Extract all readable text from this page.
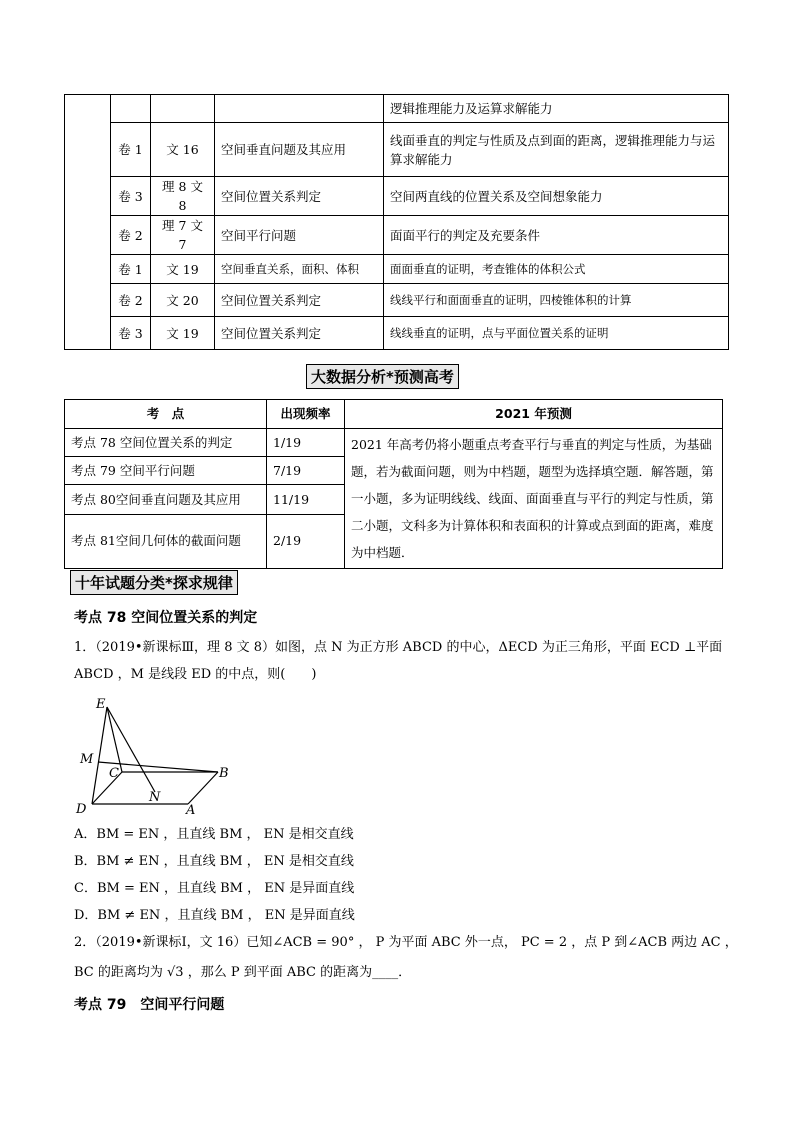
				逻辑推理能力及运算求解能力
	卷 1	文 16	空间垂直问题及其应用	线面垂直的判定与性质及点到面的距离，逻辑推理能力与运算求解能力
	卷 3	理 8 文 8	空间位置关系判定	空间两直线的位置关系及空间想象能力
	卷 2	理 7 文 7	空间平行问题	面面平行的判定及充要条件
	卷 1	文 19	空间垂直关系，面积、体积	面面垂直的证明，考查锥体的体积公式
	卷 2	文 20	空间位置关系判定	线线平行和面面垂直的证明，四棱锥体积的计算
	卷 3	文 19	空间位置关系判定	线线垂直的证明，点与平面位置关系的证明
大数据分析*预测高考
考　点	出现频率	2021 年预测
考点 78 空间位置关系的判定	1/19	2021 年高考仍将小题重点考查平行与垂直的判定与性质，为基础题，若为截面问题，则为中档题，题型为选择填空题．解答题，第一小题，多为证明线线、线面、面面垂直与平行的判定与性质，第二小题，文科多为计算体积和表面积的计算或点到面的距离，难度为中档题．
考点 79 空间平行问题	7/19	
考点 80空间垂直问题及其应用	11/19	
考点 81空间几何体的截面问题	2/19	
十年试题分类*探求规律
考点 78 空间位置关系的判定
1．（2019•新课标Ⅲ，理 8 文 8）如图，点 N 为正方形 ABCD 的中心，ΔECD 为正三角形，平面 ECD ⊥平面
ABCD ，M 是线段 ED 的中点，则(　　)
E
M
C	B
D
N
A
A．BM = EN ，且直线 BM ， EN 是相交直线
B．BM ≠ EN ，且直线 BM ， EN 是相交直线
C．BM = EN ，且直线 BM ， EN 是异面直线
D．BM ≠ EN ，且直线 BM ， EN 是异面直线
2．（2019•新课标Ⅰ，文 16）已知∠ACB = 90° ， P 为平面 ABC 外一点， PC = 2 ，点 P 到∠ACB 两边 AC ，
BC 的距离均为 √3 ，那么 P 到平面 ABC 的距离为____．
考点 79　空间平行问题
